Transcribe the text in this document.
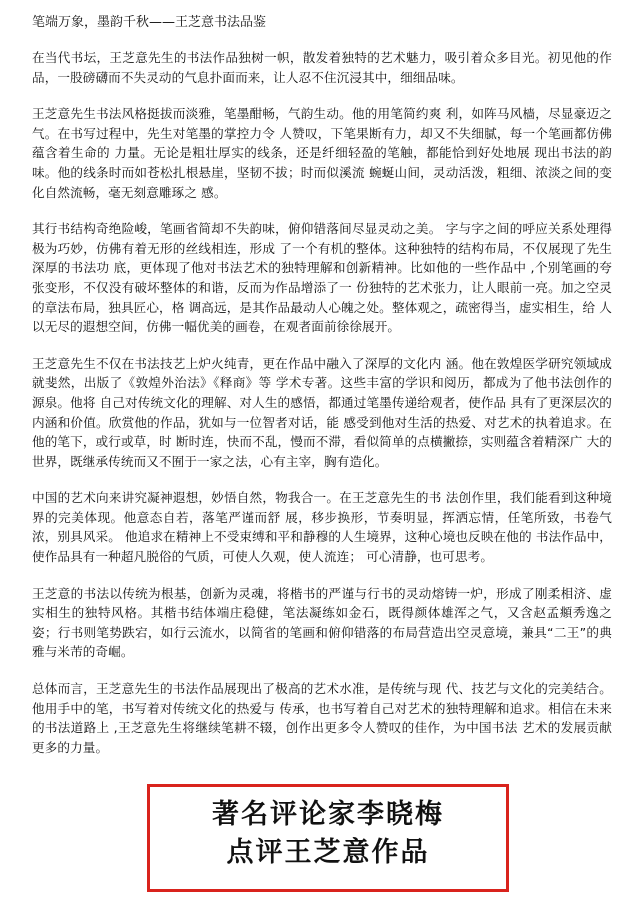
笔端万象，墨韵千秋——王芝意书法品鉴

在当代书坛，王芝意先生的书法作品独树一帜，散发着独特的艺术魅力，吸引着众多目光。初见他的作品，一股磅礴而不失灵动的气息扑面而来，让人忍不住沉浸其中，细细品味。

王芝意先生书法风格挺拔而淡雅，笔墨酣畅，气韵生动。他的用笔简约爽 利，如阵马风樯，尽显豪迈之气。在书写过程中，先生对笔墨的掌控力令 人赞叹，下笔果断有力，却又不失细腻，每一个笔画都仿佛蕴含着生命的 力量。无论是粗壮厚实的线条，还是纤细轻盈的笔触，都能恰到好处地展 现出书法的韵味。他的线条时而如苍松扎根悬崖，坚韧不拔；时而似溪流 蜿蜒山间，灵动活泼，粗细、浓淡之间的变化自然流畅，毫无刻意雕琢之 感。

其行书结构奇绝险峻，笔画省简却不失韵味，俯仰错落间尽显灵动之美。 字与字之间的呼应关系处理得极为巧妙，仿佛有着无形的丝线相连，形成 了一个有机的整体。这种独特的结构布局，不仅展现了先生深厚的书法功 底，更体现了他对书法艺术的独特理解和创新精神。比如他的一些作品中 ,个别笔画的夸张变形，不仅没有破坏整体的和谐，反而为作品增添了一 份独特的艺术张力，让人眼前一亮。加之空灵的章法布局，独具匠心，格 调高远，是其作品最动人心魄之处。整体观之，疏密得当，虚实相生，给 人以无尽的遐想空间，仿佛一幅优美的画卷，在观者面前徐徐展开。

王芝意先生不仅在书法技艺上炉火纯青，更在作品中融入了深厚的文化内 涵。他在敦煌医学研究领域成就斐然，出版了《敦煌外治法》《释商》等 学术专著。这些丰富的学识和阅历，都成为了他书法创作的源泉。他将 自己对传统文化的理解、对人生的感悟，都通过笔墨传递给观者，使作品 具有了更深层次的内涵和价值。欣赏他的作品，犹如与一位智者对话，能 感受到他对生活的热爱、对艺术的执着追求。在他的笔下，或行或草，时 断时连，快而不乱，慢而不滞，看似简单的点横撇捺，实则蕴含着精深广 大的世界，既继承传统而又不囿于一家之法，心有主宰，胸有造化。

中国的艺术向来讲究凝神遐想，妙悟自然，物我合一。在王芝意先生的书 法创作里，我们能看到这种境界的完美体现。他意态自若，落笔严谨而舒 展，移步换形，节奏明显，挥洒忘情，任笔所致，书卷气浓，别具风采。 他追求在精神上不受束缚和平和静穆的人生境界，这种心境也反映在他的 书法作品中，使作品具有一种超凡脱俗的气质，可使人久观，使人流连； 可心清静，也可思考。

王芝意的书法以传统为根基，创新为灵魂，将楷书的严谨与行书的灵动熔铸一炉，形成了刚柔相济、虚实相生的独特风格。其楷书结体端庄稳健，笔法凝练如金石，既得颜体雄浑之气，又含赵孟頫秀逸之姿；行书则笔势跌宕，如行云流水，以简省的笔画和俯仰错落的布局营造出空灵意境，兼具“二王”的典雅与米芾的奇崛。

总体而言，王芝意先生的书法作品展现出了极高的艺术水准，是传统与现 代、技艺与文化的完美结合。他用手中的笔，书写着对传统文化的热爱与 传承，也书写着自己对艺术的独特理解和追求。相信在未来的书法道路上 ,王芝意先生将继续笔耕不辍，创作出更多令人赞叹的佳作，为中国书法 艺术的发展贡献更多的力量。

著名评论家李晓梅
点评王芝意作品
